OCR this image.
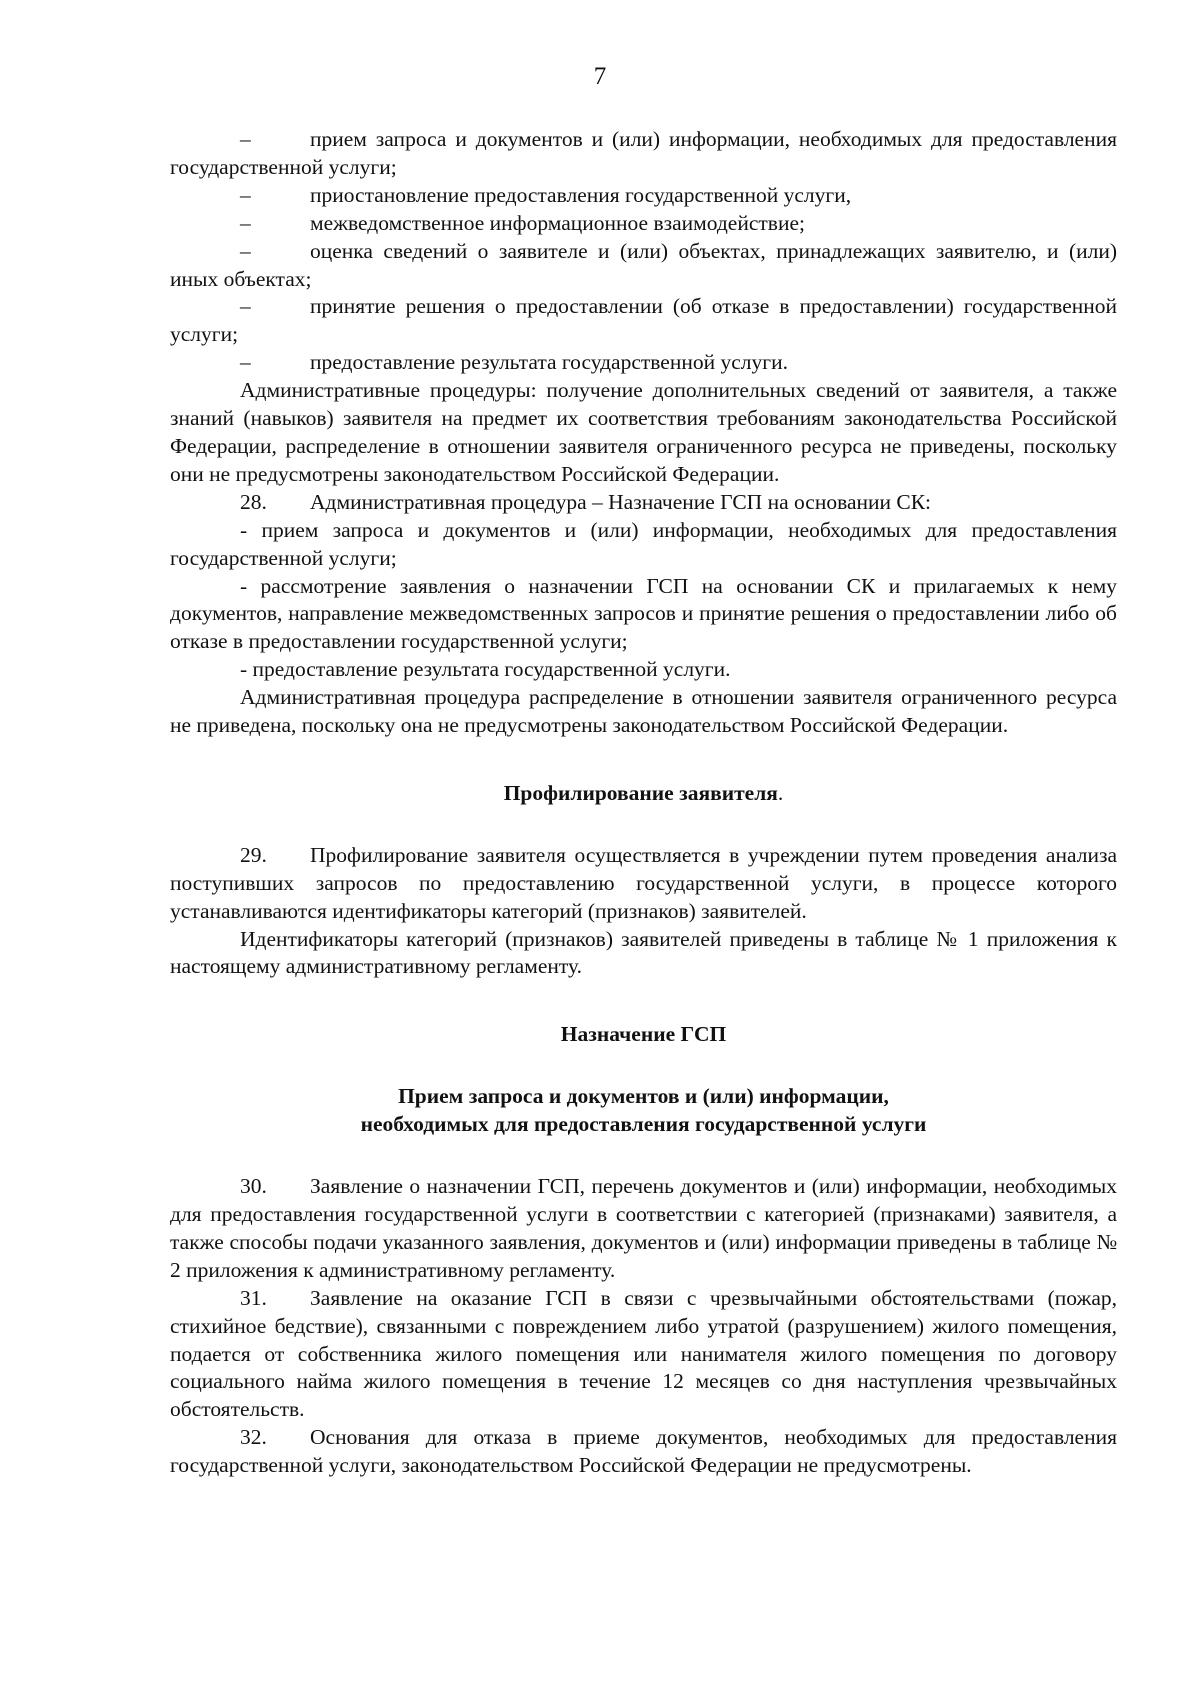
7

–	прием запроса и документов и (или) информации, необходимых для предоставления государственной услуги;

–	приостановление предоставления государственной услуги,

–	межведомственное информационное взаимодействие;

–	оценка сведений о заявителе и (или) объектах, принадлежащих заявителю, и (или) иных объектах;

–	принятие решения о предоставлении (об отказе в предоставлении) государственной услуги;

–	предоставление результата государственной услуги.

Административные процедуры: получение дополнительных сведений от заявителя, а также знаний (навыков) заявителя на предмет их соответствия требованиям законодательства Российской Федерации, распределение в отношении заявителя ограниченного ресурса не приведены, поскольку они не предусмотрены законодательством Российской Федерации.

28. Административная процедура – Назначение ГСП на основании СК:

- прием запроса и документов и (или) информации, необходимых для предоставления государственной услуги;

- рассмотрение заявления о назначении ГСП на основании СК и прилагаемых к нему документов, направление межведомственных запросов и принятие решения о предоставлении либо об отказе в предоставлении государственной услуги;

- предоставление результата государственной услуги.

Административная процедура распределение в отношении заявителя ограниченного ресурса не приведена, поскольку она не предусмотрены законодательством Российской Федерации.

Профилирование заявителя.

29. Профилирование заявителя осуществляется в учреждении путем проведения анализа поступивших запросов по предоставлению государственной услуги, в процессе которого устанавливаются идентификаторы категорий (признаков) заявителей.

Идентификаторы категорий (признаков) заявителей приведены в таблице № 1 приложения к настоящему административному регламенту.

Назначение ГСП
Прием запроса и документов и (или) информации,
необходимых для предоставления государственной услуги

30. Заявление о назначении ГСП, перечень документов и (или) информации, необходимых для предоставления государственной услуги в соответствии с категорией (признаками) заявителя, а также способы подачи указанного заявления, документов и (или) информации приведены в таблице № 2 приложения к административному регламенту.

31. Заявление на оказание ГСП в связи с чрезвычайными обстоятельствами (пожар, стихийное бедствие), связанными с повреждением либо утратой (разрушением) жилого помещения, подается от собственника жилого помещения или нанимателя жилого помещения по договору социального найма жилого помещения в течение 12 месяцев со дня наступления чрезвычайных обстоятельств.

32. Основания для отказа в приеме документов, необходимых для предоставления государственной услуги, законодательством Российской Федерации не предусмотрены.
